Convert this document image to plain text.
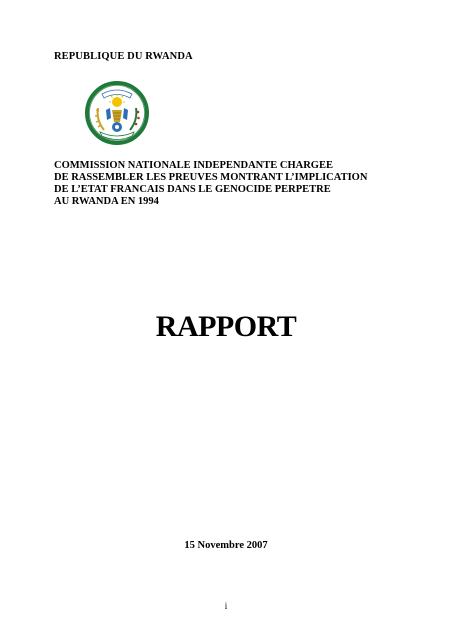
REPUBLIQUE DU RWANDA
COMMISSION NATIONALE INDEPENDANTE CHARGEE
DE RASSEMBLER LES PREUVES MONTRANT L’IMPLICATION
DE L’ETAT FRANCAIS DANS LE GENOCIDE PERPETRE
AU RWANDA EN 1994
RAPPORT
15 Novembre 2007
i
